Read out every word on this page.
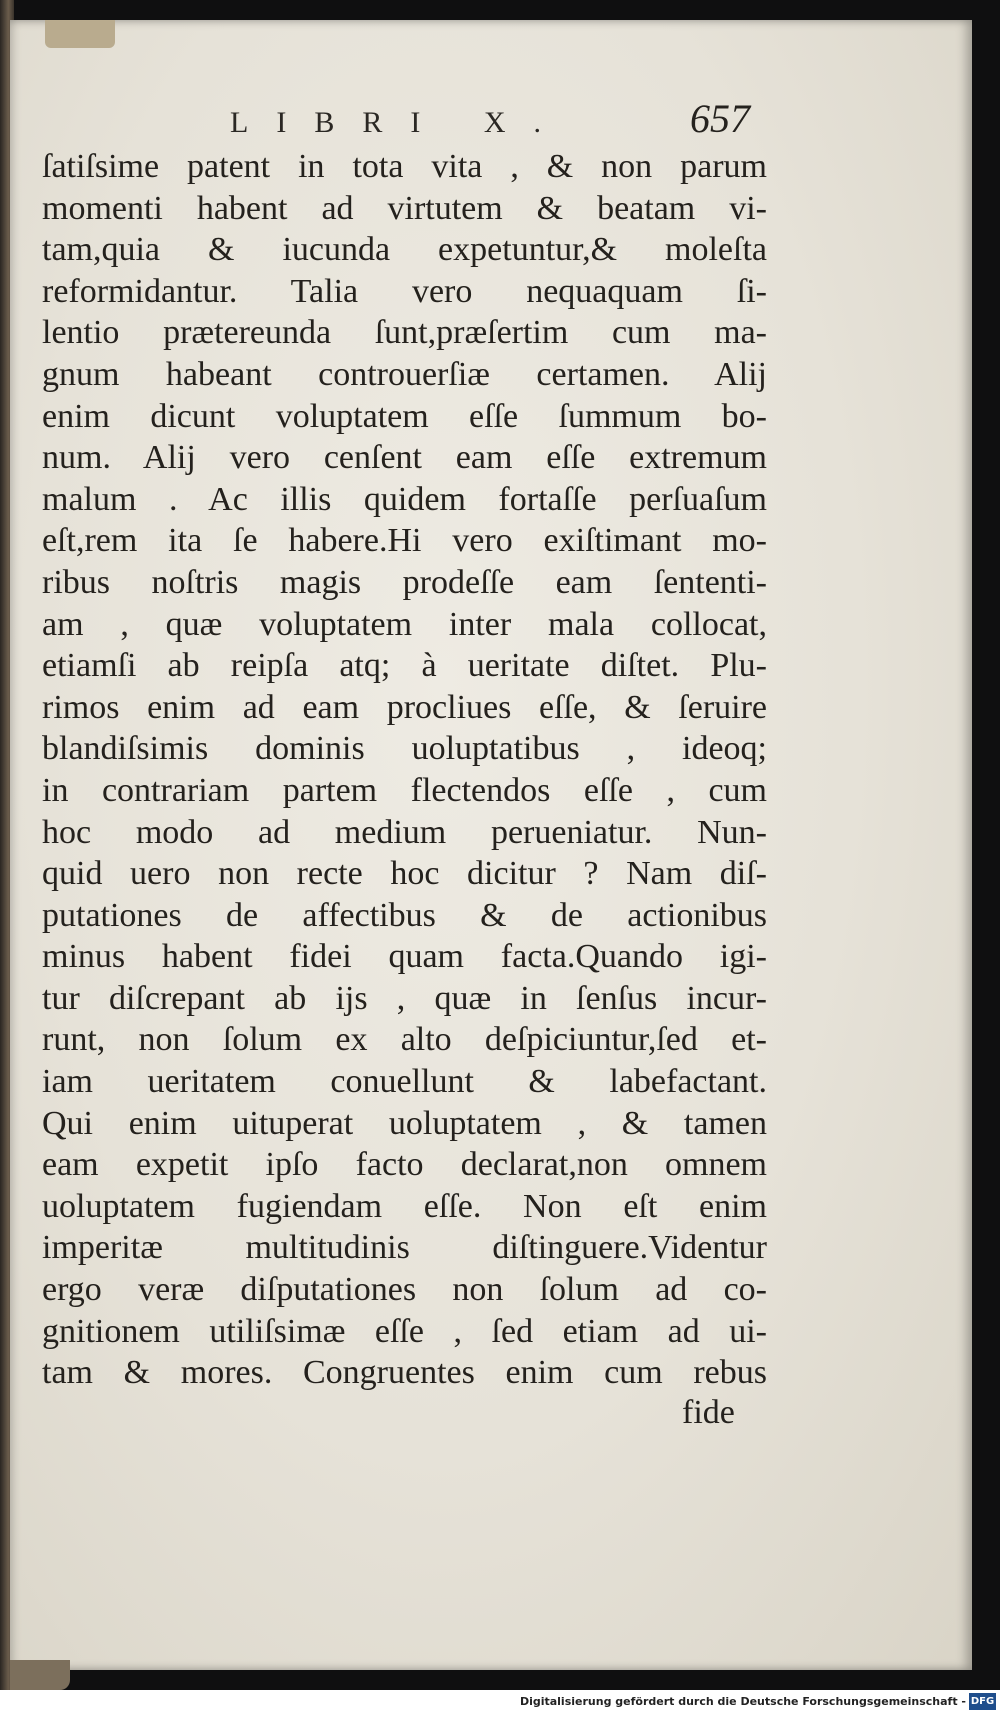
LIBRI X.	657
ſatiſsime patent in tota vita , & non parum
momenti habent ad virtutem & beatam vi-
tam,quia & iucunda expetuntur,& moleſta
reformidantur. Talia vero nequaquam ſi-
lentio prætereunda ſunt,præſertim cum ma-
gnum habeant controuerſiæ certamen. Alij
enim dicunt voluptatem eſſe ſummum bo-
num. Alij vero cenſent eam eſſe extremum
malum . Ac illis quidem fortaſſe perſuaſum
eſt,rem ita ſe habere.Hi vero exiſtimant mo-
ribus noſtris magis prodeſſe eam ſententi-
am , quæ voluptatem inter mala collocat,
etiamſi ab reipſa atq; à ueritate diſtet. Plu-
rimos enim ad eam procliues eſſe, & ſeruire
blandiſsimis dominis uoluptatibus , ideoq;
in contrariam partem flectendos eſſe , cum
hoc modo ad medium perueniatur. Nun-
quid uero non recte hoc dicitur ? Nam diſ-
putationes de affectibus & de actionibus
minus habent fidei quam facta.Quando igi-
tur diſcrepant ab ijs , quæ in ſenſus incur-
runt, non ſolum ex alto deſpiciuntur,ſed et-
iam ueritatem conuellunt & labefactant.
Qui enim uituperat uoluptatem , & tamen
eam expetit ipſo facto declarat,non omnem
uoluptatem fugiendam eſſe. Non eſt enim
imperitæ multitudinis diſtinguere.Videntur
ergo veræ diſputationes non ſolum ad co-
gnitionem utiliſsimæ eſſe , ſed etiam ad ui-
tam & mores. Congruentes enim cum rebus
fide
Digitalisierung gefördert durch die Deutsche Forschungsgemeinschaft - DFG
